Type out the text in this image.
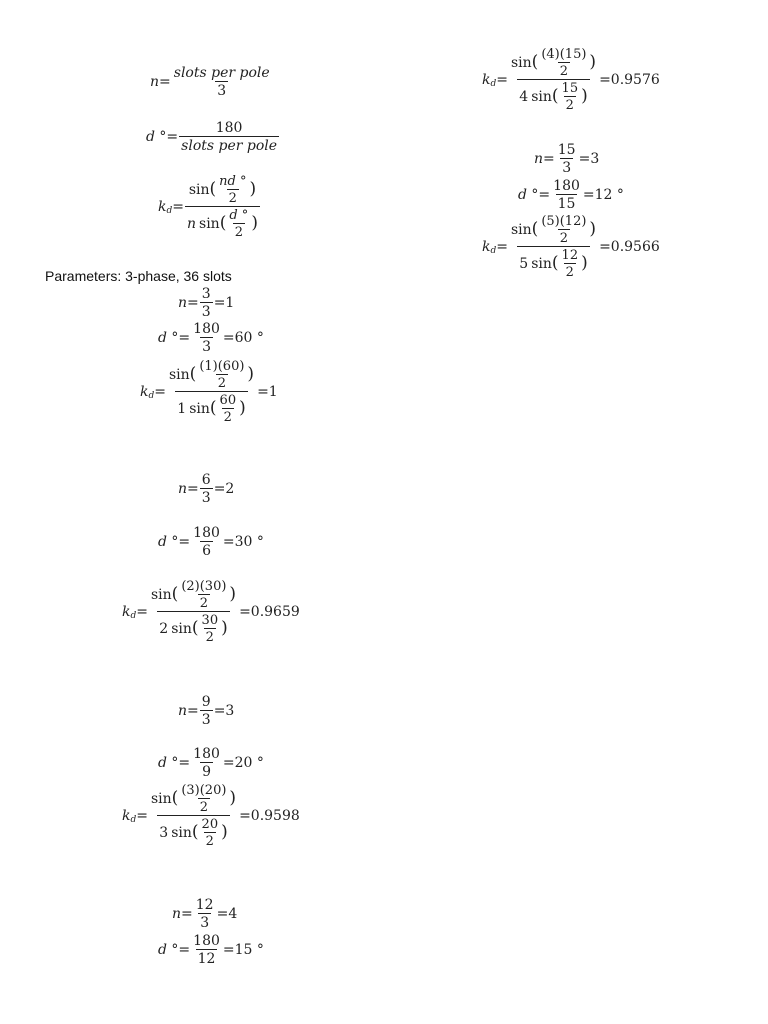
$n = \frac{\text{slots per pole}}{3}$
d ° = $\frac{180}{\text{slots per pole}}$
k $d = \frac{\sin( \frac{nd ^\circ}{2} )}{n \sin( \frac{d ^\circ}{2} )}$
Parameters: 3-phase, 36 slots
$n = \frac{3}{3} = 1$
d ° = $\frac{180}{3} = 60$ °
k $d = \frac{\sin( \frac{(1)(60)}{2} )}{1 \sin( \frac{60}{2} )} = 1$
$n = \frac{6}{3} = 2$
d ° = $\frac{180}{6} = 30$ °
k $d = \frac{\sin( \frac{(2)(30)}{2} )}{2 \sin( \frac{30}{2} )} = 0.9659$
$n = \frac{9}{3} = 3$
d ° = $\frac{180}{9} = 20$ °
k $d = \frac{\sin( \frac{(3)(20)}{2} )}{3 \sin( \frac{20}{2} )} = 0.9598$
$n = \frac{12}{3} = 4$
d ° = $\frac{180}{12} = 15$ °
k $d = \frac{\sin( \frac{(4)(15)}{2} )}{4 \sin( \frac{15}{2} )} = 0.9576$
$n = \frac{15}{3} = 3$
d ° = $\frac{180}{15} = 12$ °
k $d = \frac{\sin( \frac{(5)(12)}{2} )}{5 \sin( \frac{12}{2} )} = 0.9566$
